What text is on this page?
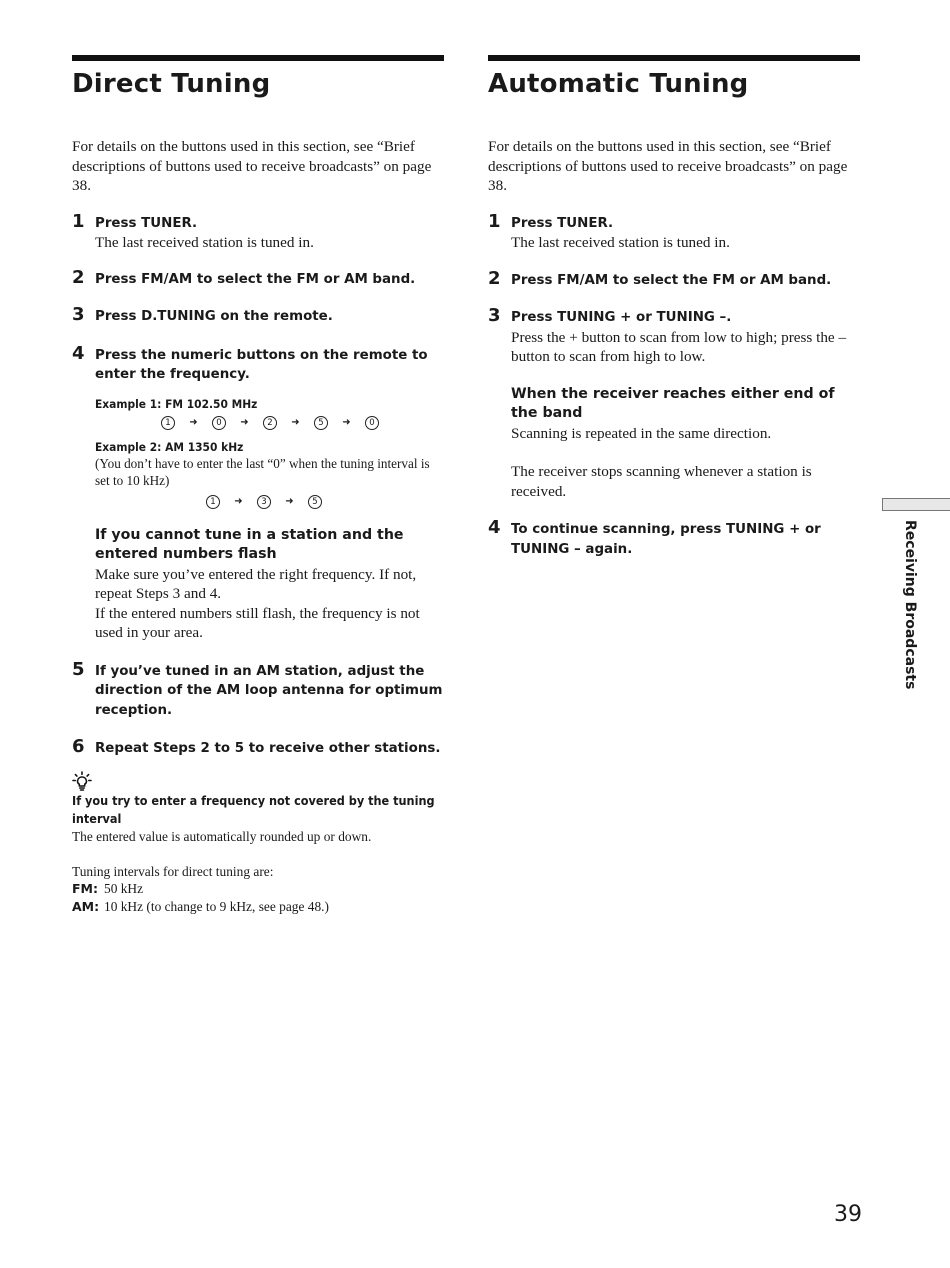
Direct Tuning

For details on the buttons used in this section, see “Brief descriptions of buttons used to receive broadcasts” on page 38.

1 Press TUNER.
The last received station is tuned in.
2 Press FM/AM to select the FM or AM band.
3 Press D.TUNING on the remote.
4 Press the numeric buttons on the remote to enter the frequency.
Example 1: FM 102.50 MHz
1	➜	0	➜	2	➜	5	➜	0
Example 2: AM 1350 kHz
(You don’t have to enter the last “0” when the tuning interval is set to 10 kHz)
1	➜	3	➜	5
If you cannot tune in a station and the entered numbers flash
Make sure you’ve entered the right frequency. If not, repeat Steps 3 and 4.
If the entered numbers still flash, the frequency is not used in your area.
5 If you’ve tuned in an AM station, adjust the direction of the AM loop antenna for optimum reception.
6 Repeat Steps 2 to 5 to receive other stations.
If you try to enter a frequency not covered by the tuning
interval
The entered value is automatically rounded up or down.
Tuning intervals for direct tuning are:
FM: 50 kHz
AM: 10 kHz (to change to 9 kHz, see page 48.)
Automatic Tuning

For details on the buttons used in this section, see “Brief descriptions of buttons used to receive broadcasts” on page 38.

1 Press TUNER.
The last received station is tuned in.
2 Press FM/AM to select the FM or AM band.
3 Press TUNING + or TUNING –.
Press the + button to scan from low to high; press the – button to scan from high to low.
When the receiver reaches either end of the band
Scanning is repeated in the same direction.
The receiver stops scanning whenever a station is received.
4 To continue scanning, press TUNING + or TUNING – again.	Receiving Broadcasts
39
